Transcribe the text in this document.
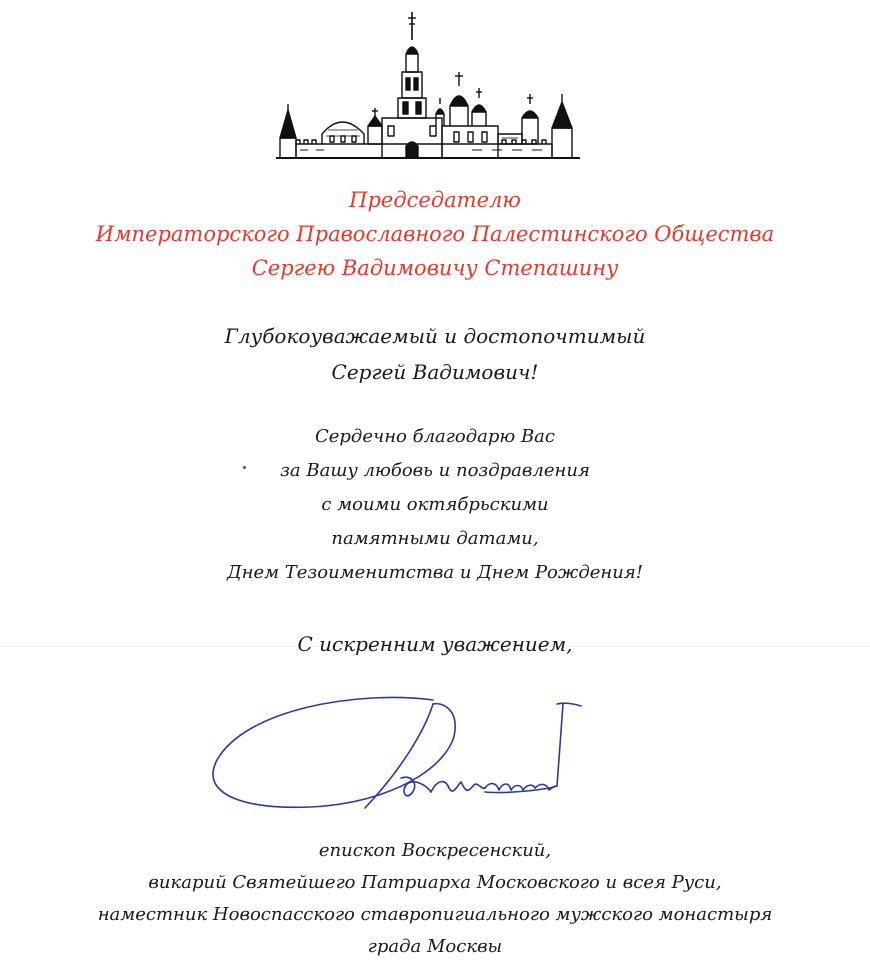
Председателю
Императорского Православного Палестинского Общества
Сергею Вадимовичу Степашину
Глубокоуважаемый и достопочтимый
Сергей Вадимович!
Сердечно благодарю Вас
за Вашу любовь и поздравления
с моими октябрьскими
памятными датами,
Днем Тезоименитства и Днем Рождения!
С искренним уважением,
епископ Воскресенский,
викарий Святейшего Патриарха Московского и всея Руси,
наместник Новоспасского ставропигиального мужского монастыря
града Москвы
